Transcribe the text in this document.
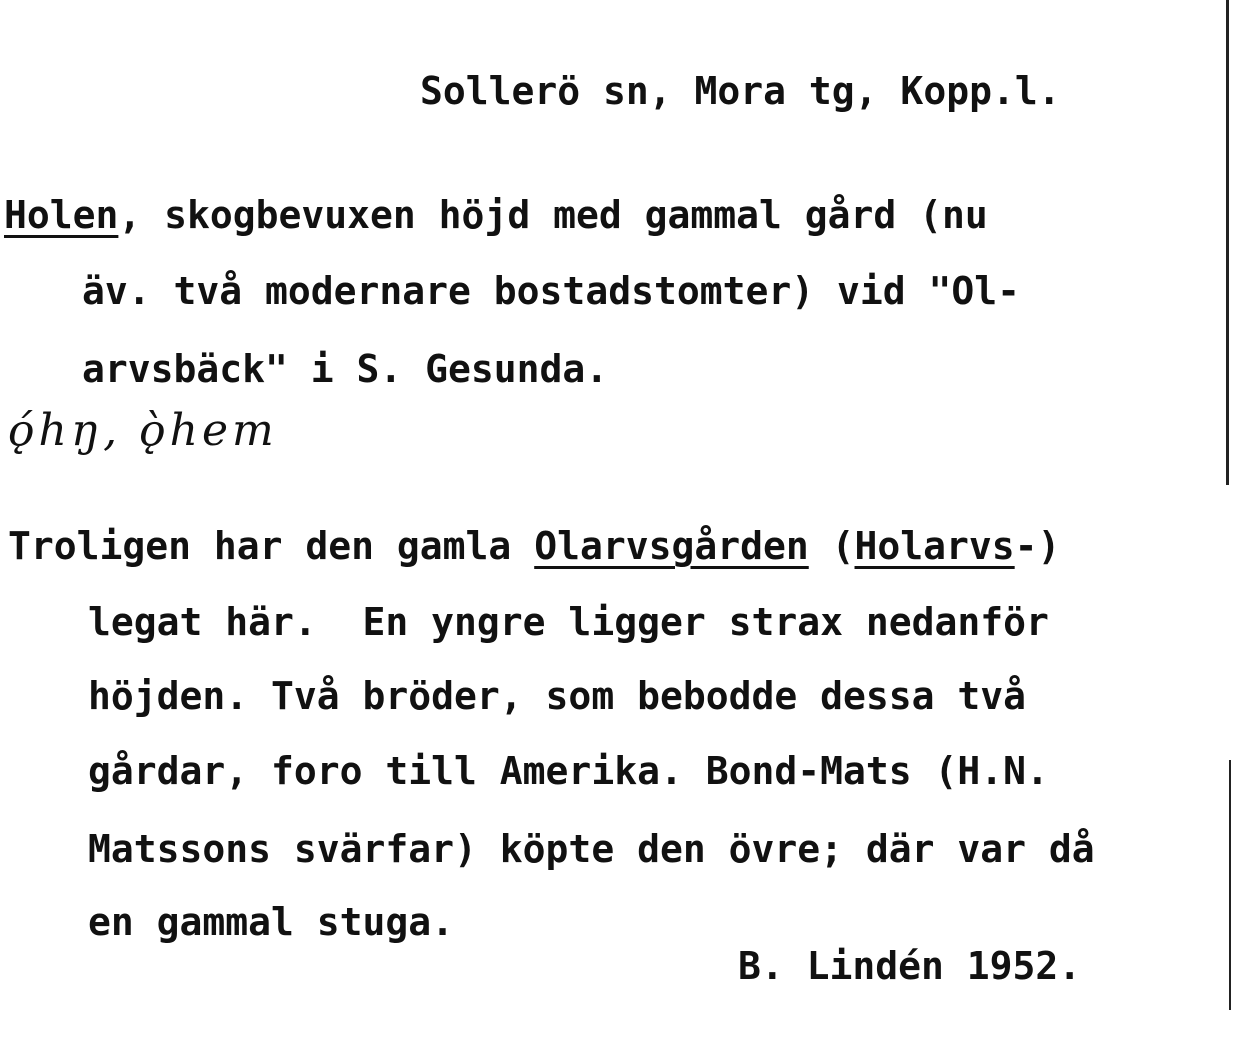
Sollerö sn, Mora tg, Kopp.l.
Holen, skogbevuxen höjd med gammal gård (nu
äv. två modernare bostadstomter) vid "Ol-
arvsbäck" i S. Gesunda.
ǫ́hŋ, ǫ̀hem
Troligen har den gamla Olarvsgården (Holarvs-)
legat här.  En yngre ligger strax nedanför
höjden. Två bröder, som bebodde dessa två
gårdar, foro till Amerika. Bond-Mats (H.N.
Matssons svärfar) köpte den övre; där var då
en gammal stuga.
B. Lindén 1952.
